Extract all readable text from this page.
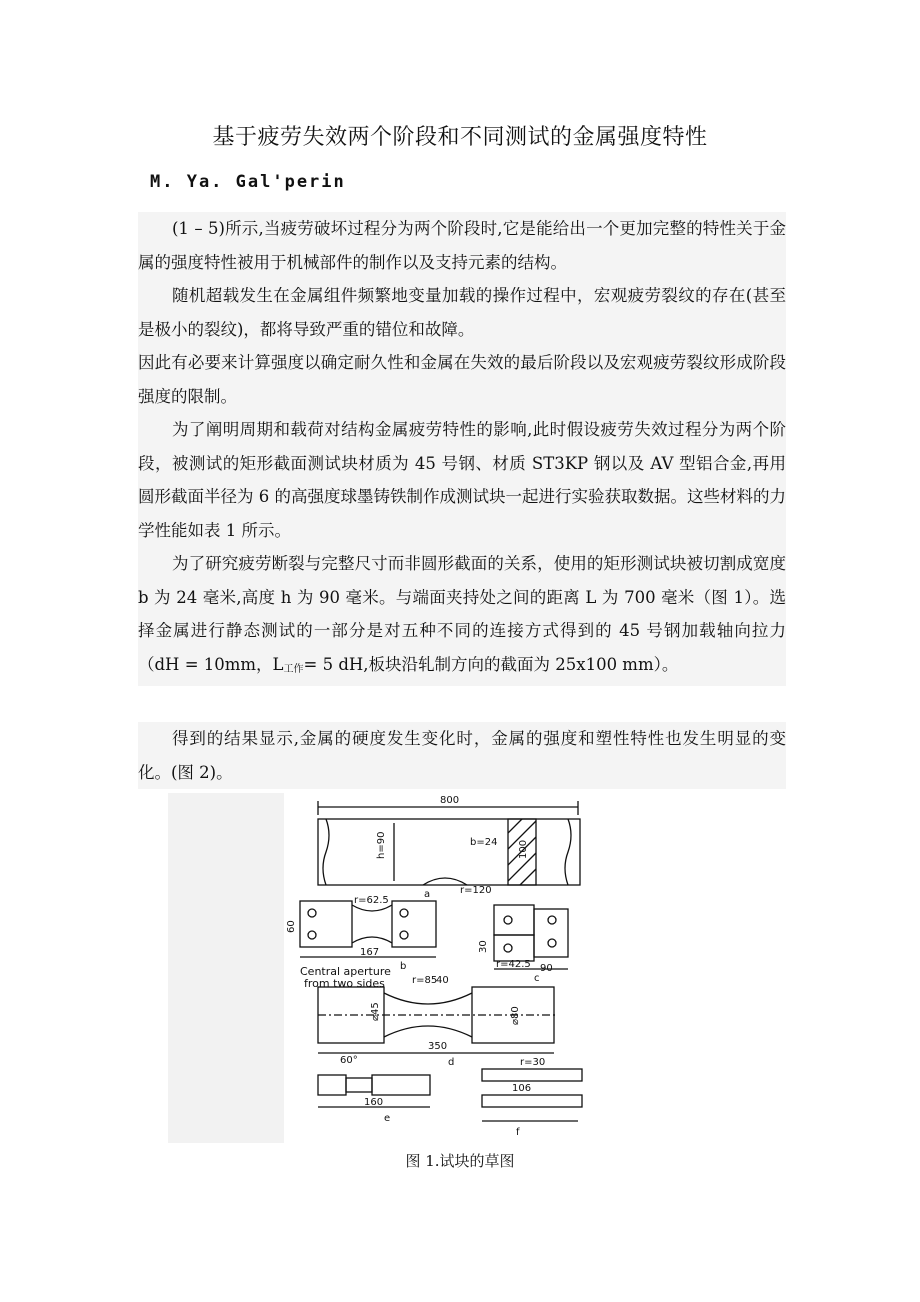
基于疲劳失效两个阶段和不同测试的金属强度特性
M. Ya. Gal'perin
(1 – 5)所示,当疲劳破坏过程分为两个阶段时,它是能给出一个更加完整的特性关于金属的强度特性被用于机械部件的制作以及支持元素的结构。
随机超载发生在金属组件频繁地变量加载的操作过程中，宏观疲劳裂纹的存在(甚至是极小的裂纹)，都将导致严重的错位和故障。
因此有必要来计算强度以确定耐久性和金属在失效的最后阶段以及宏观疲劳裂纹形成阶段强度的限制。
为了阐明周期和载荷对结构金属疲劳特性的影响,此时假设疲劳失效过程分为两个阶段，被测试的矩形截面测试块材质为 45 号钢、材质 ST3KP 钢以及 AV 型铝合金,再用圆形截面半径为 6 的高强度球墨铸铁制作成测试块一起进行实验获取数据。这些材料的力学性能如表 1 所示。
为了研究疲劳断裂与完整尺寸而非圆形截面的关系，使用的矩形测试块被切割成宽度 b 为 24 毫米,高度 h 为 90 毫米。与端面夹持处之间的距离 L 为 700 毫米（图 1）。选择金属进行静态测试的一部分是对五种不同的连接方式得到的 45 号钢加载轴向拉力（dH = 10mm，$L_{工作}= 5$ dH,板块沿轧制方向的截面为 25x100 mm）。
得到的结果显示,金属的硬度发生变化时，金属的强度和塑性特性也发生明显的变化。(图 2)。
800
h=90	b=24 100
r=120
a
r=62.5
60
167
b
30
r=42.5 90
c
Central aperture
from two sides	r=85
40
⌀45	⌀80
350
d
60°
160
e
r=30
106
f
图 1.试块的草图
